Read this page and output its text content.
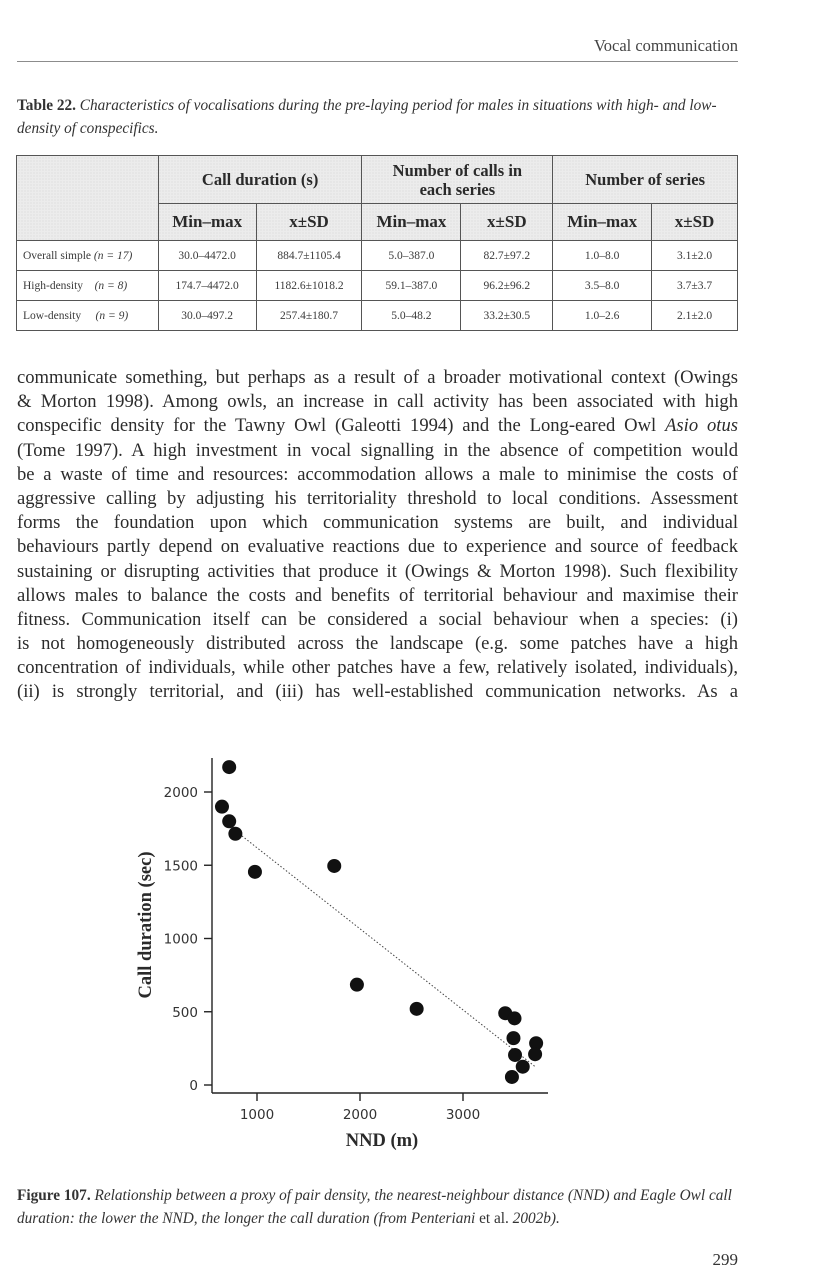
Vocal communication
Table 22. Characteristics of vocalisations during the pre-laying period for males in situations with high- and low-density of conspecifics.
	Call duration (s)		Number of calls in each series		Number of series	
	Min–max	x±SD	Min–max	x±SD	Min–max	x±SD
Overall simple (n = 17)	30.0–4472.0	884.7±1105.4	5.0–387.0	82.7±97.2	1.0–8.0	3.1±2.0
High-density (n = 8)	174.7–4472.0	1182.6±1018.2	59.1–387.0	96.2±96.2	3.5–8.0	3.7±3.7
Low-density (n = 9)	30.0–497.2	257.4±180.7	5.0–48.2	33.2±30.5	1.0–2.6	2.1±2.0
communicate something, but perhaps as a result of a broader motivational context (Owings
& Morton 1998). Among owls, an increase in call activity has been associated with high
conspecific density for the Tawny Owl (Galeotti 1994) and the Long-eared Owl Asio otus
(Tome 1997). A high investment in vocal signalling in the absence of competition would
be a waste of time and resources: accommodation allows a male to minimise the costs of
aggressive calling by adjusting his territoriality threshold to local conditions. Assessment
forms the foundation upon which communication systems are built, and individual
behaviours partly depend on evaluative reactions due to experience and source of feedback
sustaining or disrupting activities that produce it (Owings & Morton 1998). Such flexibility
allows males to balance the costs and benefits of territorial behaviour and maximise their
fitness. Communication itself can be considered a social behaviour when a species: (i)
is not homogeneously distributed across the landscape (e.g. some patches have a high
concentration of individuals, while other patches have a few, relatively isolated, individuals),
(ii) is strongly territorial, and (iii) has well-established communication networks. As a
0
500
1000
1500
2000
1000	2000	3000
Call duration (sec)
NND (m)
Figure 107. Relationship between a proxy of pair density, the nearest-neighbour distance (NND) and Eagle Owl call duration: the lower the NND, the longer the call duration (from Penteriani et al. 2002b).
299
